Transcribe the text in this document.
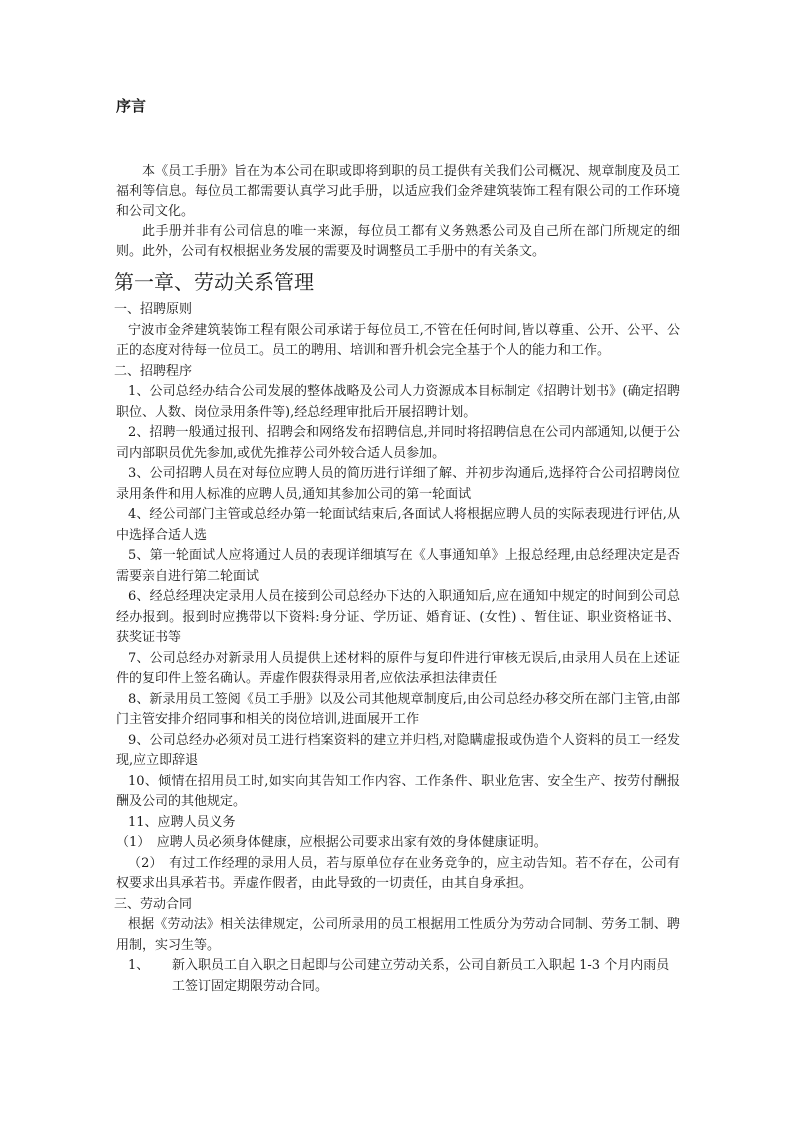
序言

本《员工手册》旨在为本公司在职或即将到职的员工提供有关我们公司概况、规章制度及员工福利等信息。每位员工都需要认真学习此手册，以适应我们金斧建筑装饰工程有限公司的工作环境和公司文化。

此手册并非有公司信息的唯一来源，每位员工都有义务熟悉公司及自己所在部门所规定的细则。此外，公司有权根据业务发展的需要及时调整员工手册中的有关条文。

第一章、劳动关系管理

一、招聘原则

宁波市金斧建筑装饰工程有限公司承诺于每位员工,不管在任何时间,皆以尊重、公开、公平、公正的态度对待每一位员工。员工的聘用、培训和晋升机会完全基于个人的能力和工作。

二、招聘程序

1、公司总经办结合公司发展的整体战略及公司人力资源成本目标制定《招聘计划书》(确定招聘职位、人数、岗位录用条件等),经总经理审批后开展招聘计划。

2、招聘一般通过报刊、招聘会和网络发布招聘信息,并同时将招聘信息在公司内部通知,以便于公司内部职员优先参加,或优先推荐公司外较合适人员参加。

3、公司招聘人员在对每位应聘人员的简历进行详细了解、并初步沟通后,选择符合公司招聘岗位录用条件和用人标准的应聘人员,通知其参加公司的第一轮面试

4、经公司部门主管或总经办第一轮面试结束后,各面试人将根据应聘人员的实际表现进行评估,从中选择合适人选

5、第一轮面试人应将通过人员的表现详细填写在《人事通知单》上报总经理,由总经理决定是否需要亲自进行第二轮面试

6、经总经理决定录用人员在接到公司总经办下达的入职通知后,应在通知中规定的时间到公司总经办报到。报到时应携带以下资料:身分证、学历证、婚育证、(女性) 、暂住证、职业资格证书、获奖证书等

7、公司总经办对新录用人员提供上述材料的原件与复印件进行审核无误后,由录用人员在上述证件的复印件上签名确认。弄虚作假获得录用者,应依法承担法律责任

8、新录用员工签阅《员工手册》以及公司其他规章制度后,由公司总经办移交所在部门主管,由部门主管安排介绍同事和相关的岗位培训,进面展开工作

9、公司总经办必须对员工进行档案资料的建立并归档,对隐瞒虚报或伪造个人资料的员工一经发现,应立即辞退

10、倾情在招用员工时,如实向其告知工作内容、工作条件、职业危害、安全生产、按劳付酬报酬及公司的其他规定。

11、应聘人员义务

（1）　应聘人员必须身体健康，应根据公司要求出家有效的身体健康证明。

（2）　有过工作经理的录用人员，若与原单位存在业务竞争的，应主动告知。若不存在，公司有权要求出具承若书。弄虚作假者，由此导致的一切责任，由其自身承担。

三、劳动合同

根据《劳动法》相关法律规定，公司所录用的员工根据用工性质分为劳动合同制、劳务工制、聘用制，实习生等。

1、	新入职员工自入职之日起即与公司建立劳动关系，公司自新员工入职起 1-3 个月内雨员工签订固定期限劳动合同。
